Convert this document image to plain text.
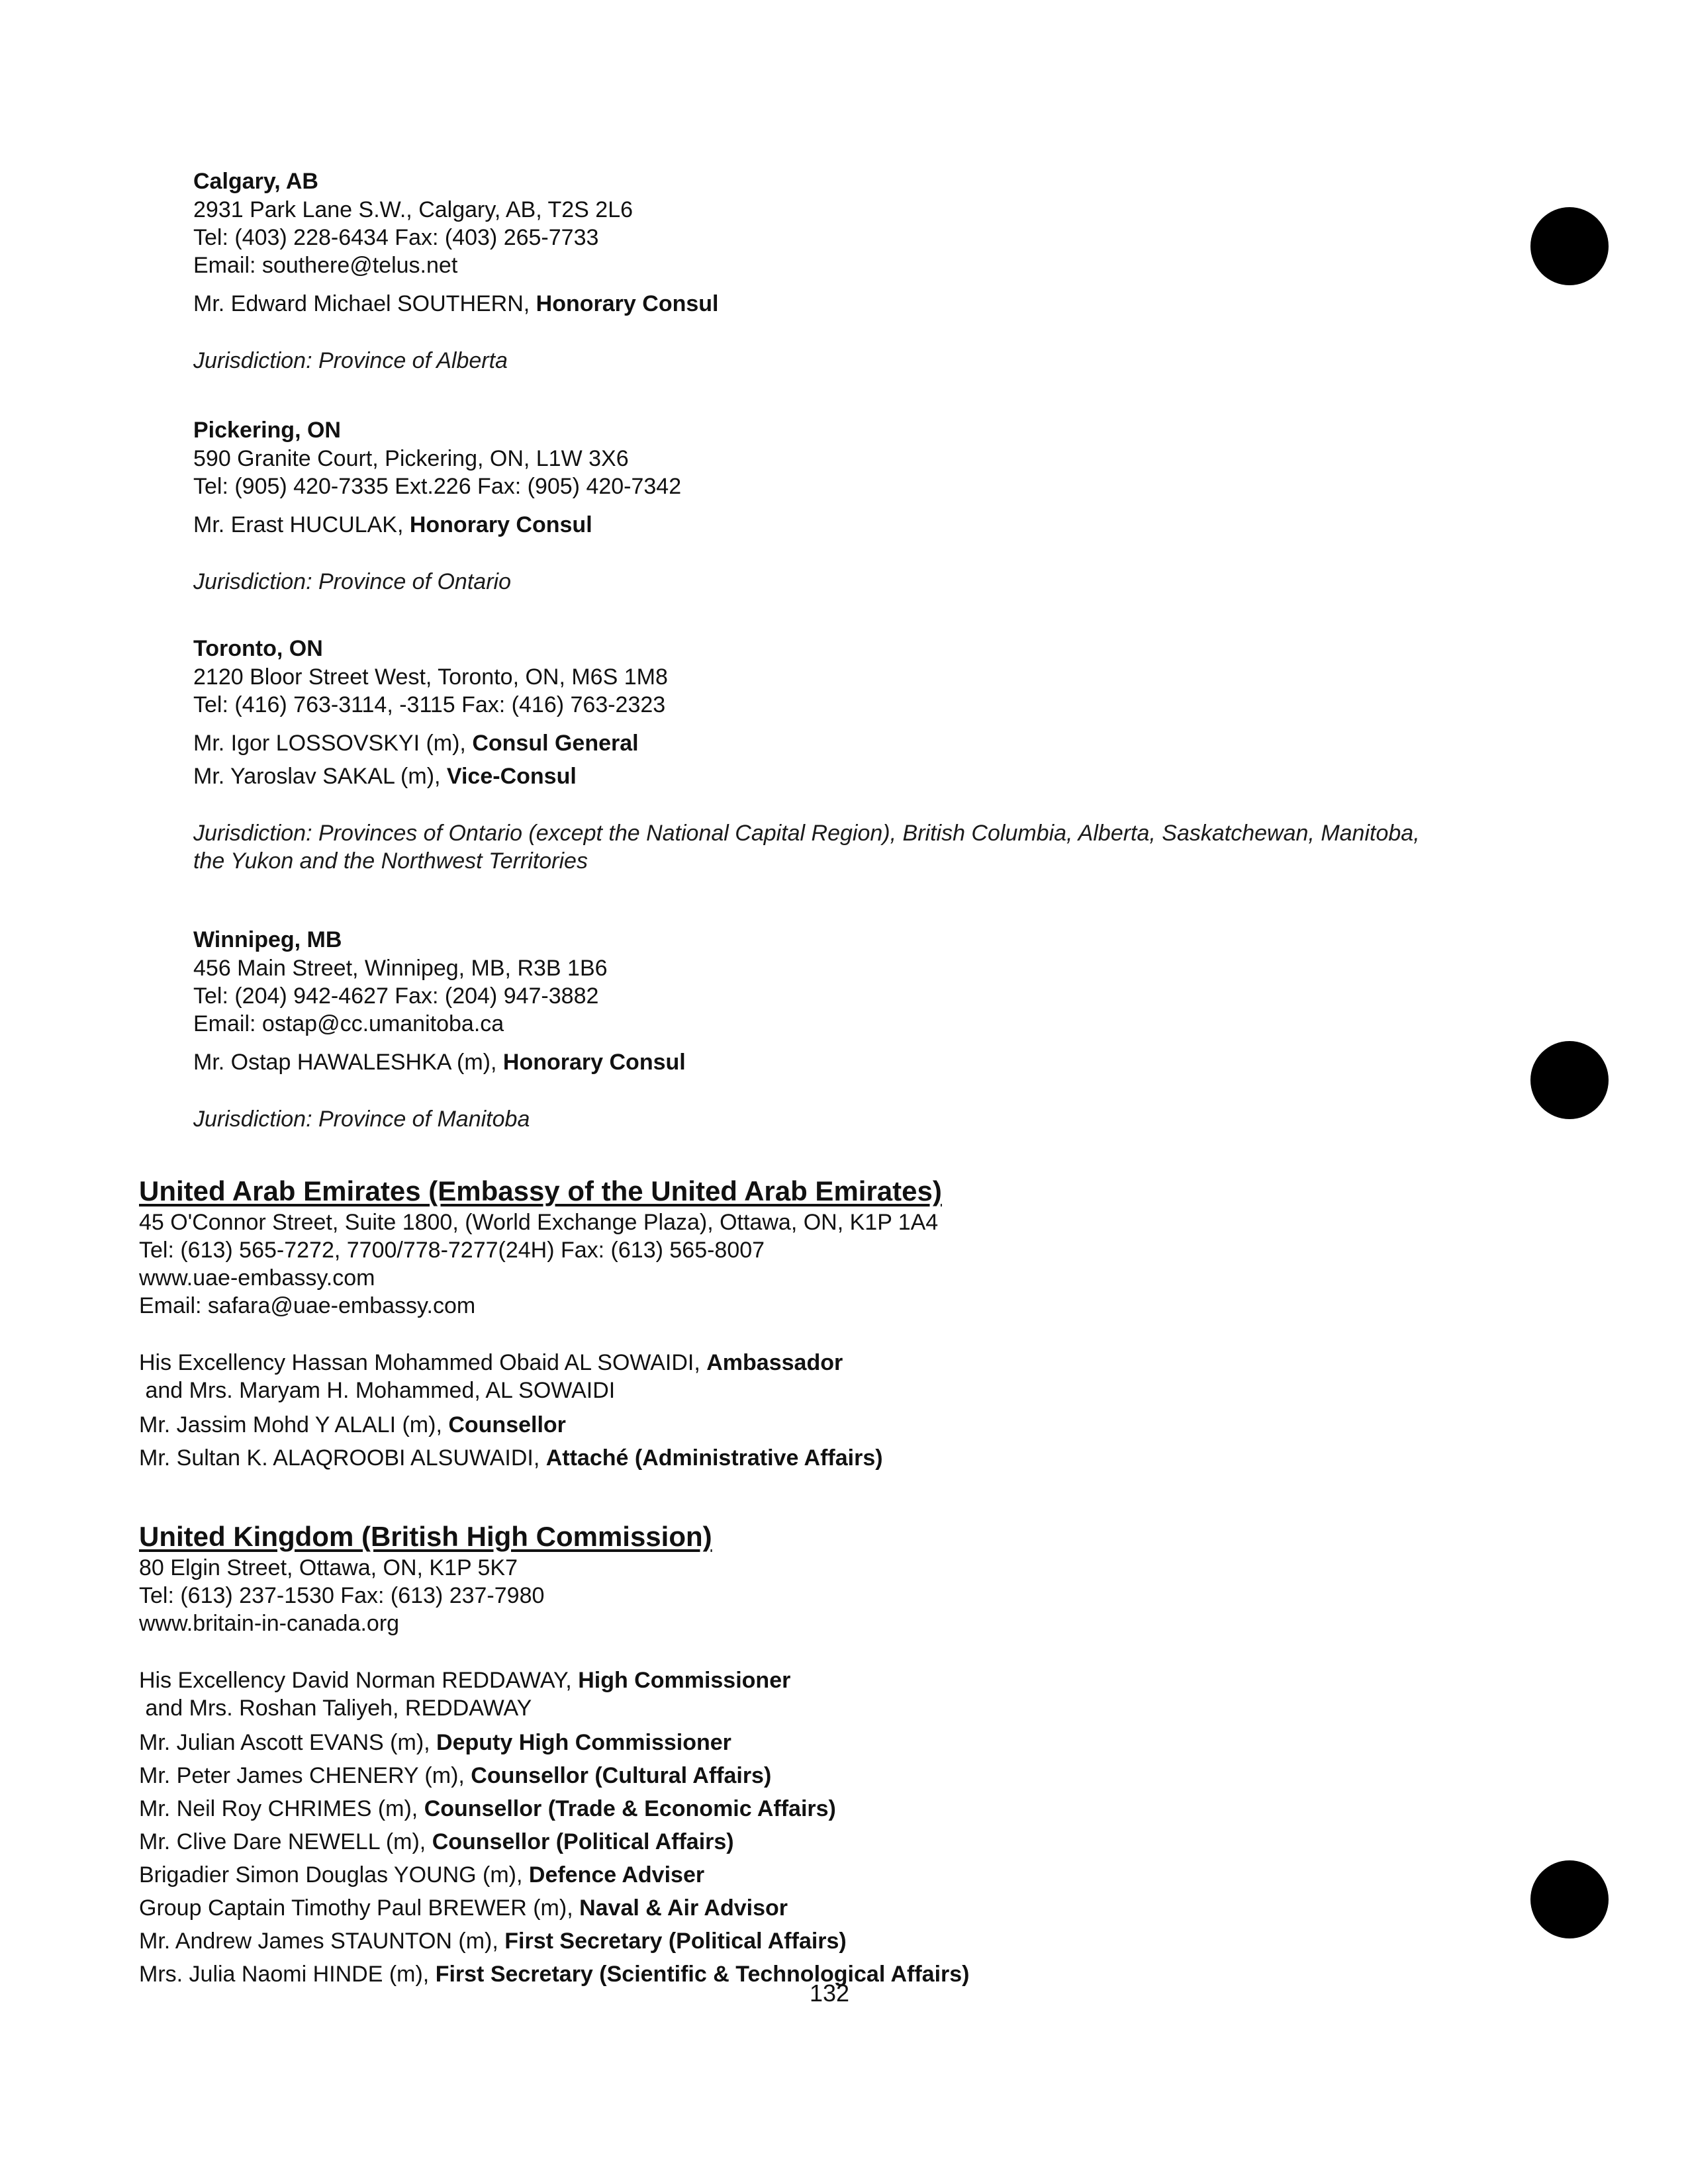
Calgary, AB
2931 Park Lane S.W., Calgary, AB, T2S 2L6
Tel: (403) 228-6434 Fax: (403) 265-7733
Email: southere@telus.net
Mr. Edward Michael SOUTHERN, Honorary Consul
Jurisdiction: Province of Alberta
Pickering, ON
590 Granite Court, Pickering, ON, L1W 3X6
Tel: (905) 420-7335 Ext.226 Fax: (905) 420-7342
Mr. Erast HUCULAK, Honorary Consul
Jurisdiction: Province of Ontario
Toronto, ON
2120 Bloor Street West, Toronto, ON, M6S 1M8
Tel: (416) 763-3114, -3115 Fax: (416) 763-2323
Mr. Igor LOSSOVSKYI (m), Consul General
Mr. Yaroslav SAKAL (m), Vice-Consul
Jurisdiction: Provinces of Ontario (except the National Capital Region), British Columbia, Alberta, Saskatchewan, Manitoba, the Yukon and the Northwest Territories
Winnipeg, MB
456 Main Street, Winnipeg, MB, R3B 1B6
Tel: (204) 942-4627 Fax: (204) 947-3882
Email: ostap@cc.umanitoba.ca
Mr. Ostap HAWALESHKA (m), Honorary Consul
Jurisdiction: Province of Manitoba
United Arab Emirates (Embassy of the United Arab Emirates)
45 O'Connor Street, Suite 1800, (World Exchange Plaza), Ottawa, ON, K1P 1A4
Tel: (613) 565-7272, 7700/778-7277(24H) Fax: (613) 565-8007
www.uae-embassy.com
Email: safara@uae-embassy.com
His Excellency Hassan Mohammed Obaid AL SOWAIDI, Ambassador
and Mrs. Maryam H. Mohammed, AL SOWAIDI
Mr. Jassim Mohd Y ALALI (m), Counsellor
Mr. Sultan K. ALAQROOBI ALSUWAIDI, Attaché (Administrative Affairs)
United Kingdom (British High Commission)
80 Elgin Street, Ottawa, ON, K1P 5K7
Tel: (613) 237-1530 Fax: (613) 237-7980
www.britain-in-canada.org
His Excellency David Norman REDDAWAY, High Commissioner
and Mrs. Roshan Taliyeh, REDDAWAY
Mr. Julian Ascott EVANS (m), Deputy High Commissioner
Mr. Peter James CHENERY (m), Counsellor (Cultural Affairs)
Mr. Neil Roy CHRIMES (m), Counsellor (Trade & Economic Affairs)
Mr. Clive Dare NEWELL (m), Counsellor (Political Affairs)
Brigadier Simon Douglas YOUNG (m), Defence Adviser
Group Captain Timothy Paul BREWER (m), Naval & Air Advisor
Mr. Andrew James STAUNTON (m), First Secretary (Political Affairs)
Mrs. Julia Naomi HINDE (m), First Secretary (Scientific & Technological Affairs)
132
